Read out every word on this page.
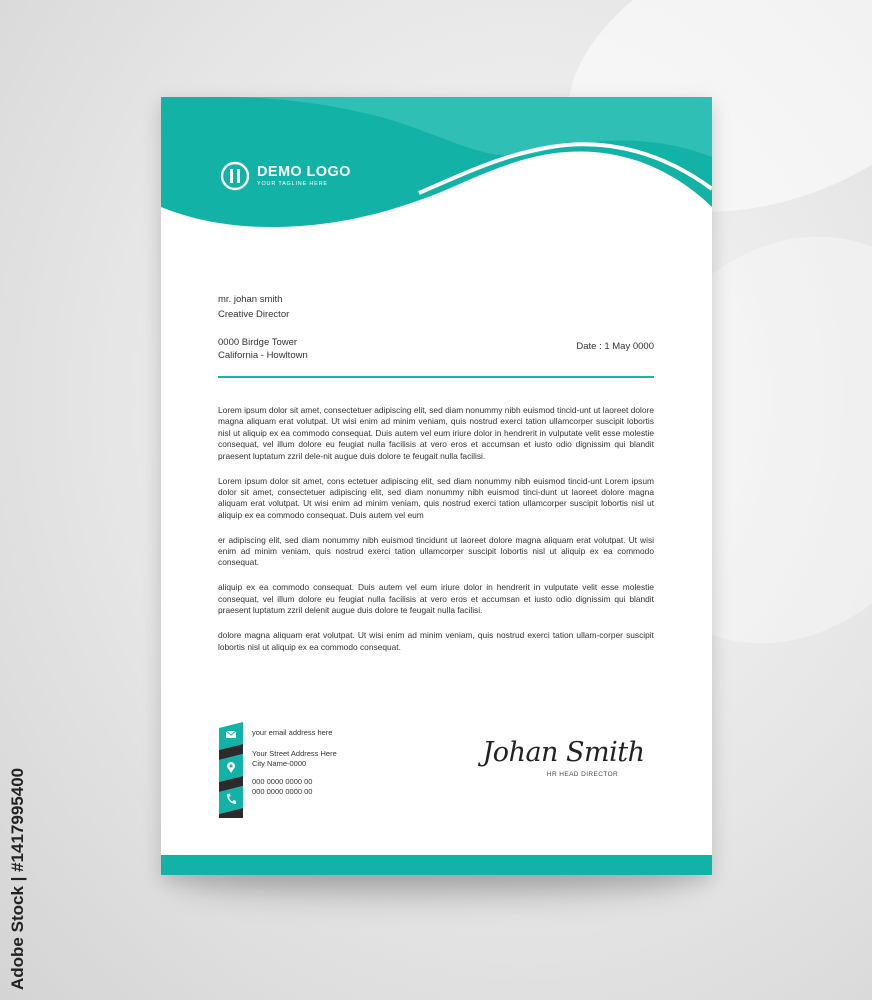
DEMO LOGO
YOUR TAGLINE HERE
mr. johan smith
Creative Director
0000 Birdge Tower
California - Howltown
Date : 1 May 0000

Lorem ipsum dolor sit amet, consectetuer adipiscing elit, sed diam nonummy nibh euismod tincid-unt ut laoreet dolore magna aliquam erat volutpat. Ut wisi enim ad minim veniam, quis nostrud exerci tation ullamcorper suscipit lobortis nisl ut aliquip ex ea commodo consequat. Duis autem vel eum iriure dolor in hendrerit in vulputate velit esse molestie consequat, vel illum dolore eu feugiat nulla facilisis at vero eros et accumsan et iusto odio dignissim qui blandit praesent luptatum zzril dele-nit augue duis dolore te feugait nulla facilisi.

Lorem ipsum dolor sit amet, cons ectetuer adipiscing elit, sed diam nonummy nibh euismod tincid-unt Lorem ipsum dolor sit amet, consectetuer adipiscing elit, sed diam nonummy nibh euismod tinci-dunt ut laoreet dolore magna aliquam erat volutpat. Ut wisi enim ad minim veniam, quis nostrud exerci tation ullamcorper suscipit lobortis nisl ut aliquip ex ea commodo consequat. Duis autem vel eum

er adipiscing elit, sed diam nonummy nibh euismod tincidunt ut laoreet dolore magna aliquam erat volutpat. Ut wisi enim ad minim veniam, quis nostrud exerci tation ullamcorper suscipit lobortis nisl ut aliquip ex ea commodo consequat.

aliquip ex ea commodo consequat. Duis autem vel eum iriure dolor in hendrerit in vulputate velit esse molestie consequat, vel illum dolore eu feugiat nulla facilisis at vero eros et accumsan et iusto odio dignissim qui blandit praesent luptatum zzril delenit augue duis dolore te feugait nulla facilisi.

dolore magna aliquam erat volutpat. Ut wisi enim ad minim veniam, quis nostrud exerci tation ullam-corper suscipit lobortis nisl ut aliquip ex ea commodo consequat.

your email address here
Your Street Address Here
City Name-0000
000 0000 0000 00
000 0000 0000 00
Johan Smith
HR HEAD DIRECTOR
Adobe Stock | #1417995400
